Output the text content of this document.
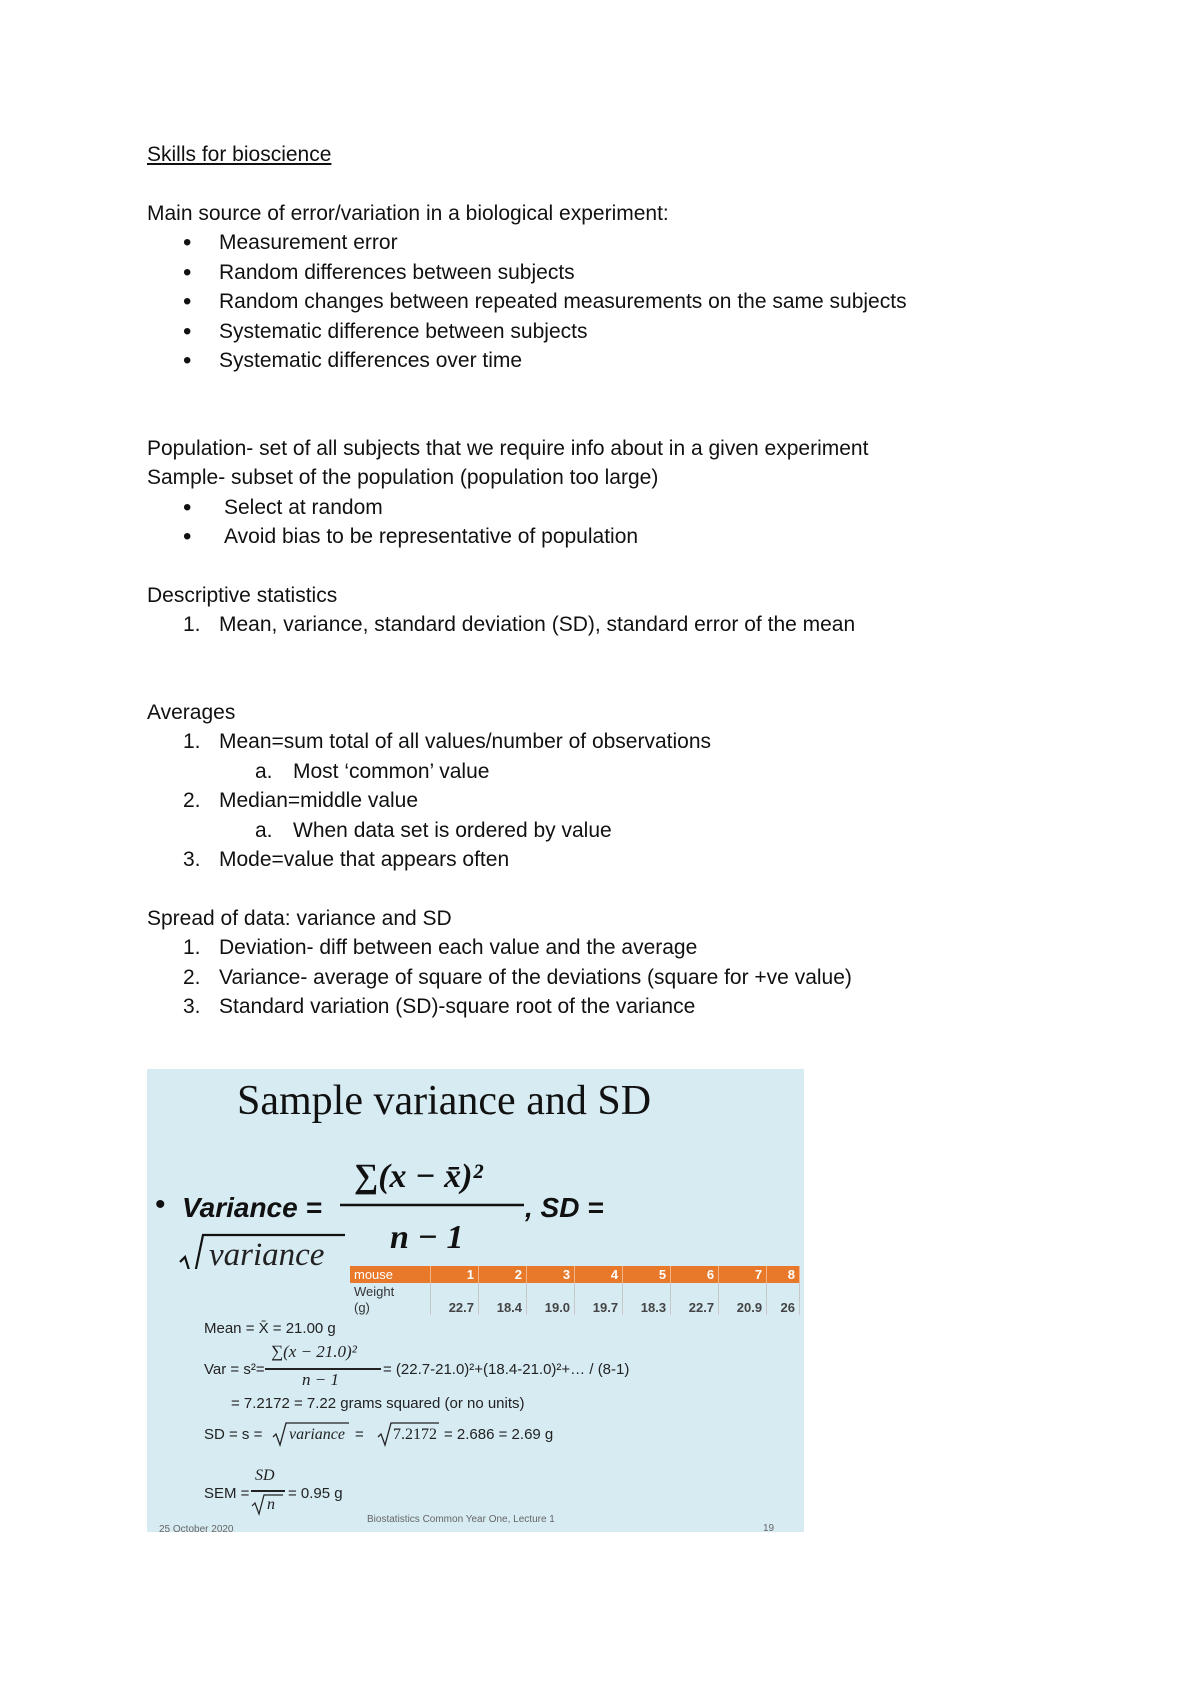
Skills for bioscience

Main source of error/variation in a biological experiment:

• Measurement error
• Random differences between subjects
• Random changes between repeated measurements on the same subjects
• Systematic difference between subjects
• Systematic differences over time

Population- set of all subjects that we require info about in a given experiment

Sample- subset of the population (population too large)

• Select at random
• Avoid bias to be representative of population

Descriptive statistics

1. Mean, variance, standard deviation (SD), standard error of the mean

Averages

1. Mean=sum total of all values/number of observations
a. Most ‘common’ value
2. Median=middle value
a. When data set is ordered by value
3. Mode=value that appears often

Spread of data: variance and SD

1. Deviation- diff between each value and the average
2. Variance- average of square of the deviations (square for +ve value)
3. Standard variation (SD)-square root of the variance
Sample variance and SD
• Variance =
∑(x − x̄)²
n − 1
, SD =
variance
mouse	1	2	3	4	5	6	7	8
Weight								
(g)	22.7	18.4	19.0	19.7	18.3	22.7	20.9	26
Mean = X̄ = 21.00 g
Var = s²=
∑(x − 21.0)²
n − 1
= (22.7-21.0)²+(18.4-21.0)²+… / (8-1)
= 7.2172 = 7.22 grams squared (or no units)
SD = s = variance = 7.2172 = 2.686 = 2.69 g
SEM =
SD
n
= 0.95 g
25 October 2020
Biostatistics Common Year One, Lecture 1
19
